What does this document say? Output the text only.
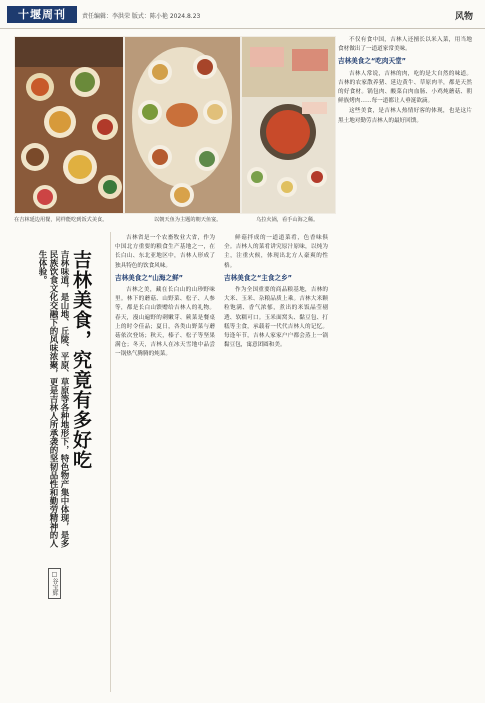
十堰周刊	责任编辑：李洪荣 版式：陈小艳 2024.8.23	风物
在吉林延边用餐，同样能吃到饭式美食。	以朝天鱼为主题的朝天鱼宴。	乌拉火锅，看手山海之稀。
吉林美食，究竟有多好吃
吉林味道，是山地、丘陵、平原、草原等各种地形下，特色物产集中体现，是多民族饮食文化交融下的风味浓聚，更是吉林人所承袭的坚韧品性和勤劳精神的人生体验。
□谷宝辉

吉林省是一个农畜牧业大省，作为中国北方重要的粮食生产基地之一，在长白山、东北亚地区中，吉林人形成了独具特色的饮食风味。

吉林美食之“山海之鲜”

吉林之美，藏在长白山的山珍野味里。林下的蘑菇、山野菜、松子、人参等，都是长白山馈赠给吉林人的礼物。春天，漫山遍野的刺嫩芽、蕨菜是餐桌上的时令佳品；夏日，各类山野菜与蘑菇依次登场；秋天，榛子、松子等坚果满仓；冬天，吉林人在冰天雪地中品尝一锅热气腾腾的炖菜。

鲜菇拌成的一道道菜肴，色香味俱全。吉林人的菜肴讲究原汁原味，以炖为主，注重火候，体现出北方人豪爽的性格。

吉林美食之“主食之乡”

作为全国重要的商品粮基地，吉林的大米、玉米、杂粮品质上乘。吉林大米颗粒饱满、香气浓郁，煮出的米饭晶莹剔透、软糯可口。玉米面窝头、黏豆包、打糕等主食，承载着一代代吉林人的记忆。每逢年节，吉林人家家户户都会蒸上一锅黏豆包，寓意团圆和美。

不仅有食中国，吉林人还擅长以米入菜，用当地食材做出了一道道家常美味。

吉林美食之“吃肉天堂”

吉林人常说，吉林的肉，吃的是大自然的味道。吉林的农家散养猪、延边黄牛、草原肉羊，都是天然的好食材。锅包肉、酸菜白肉血肠、小鸡炖蘑菇、朝鲜族烤肉……每一道都让人垂涎欲滴。

这些美食，是吉林人热情好客的体现，也是这片黑土地对勤劳吉林人的最好回馈。
